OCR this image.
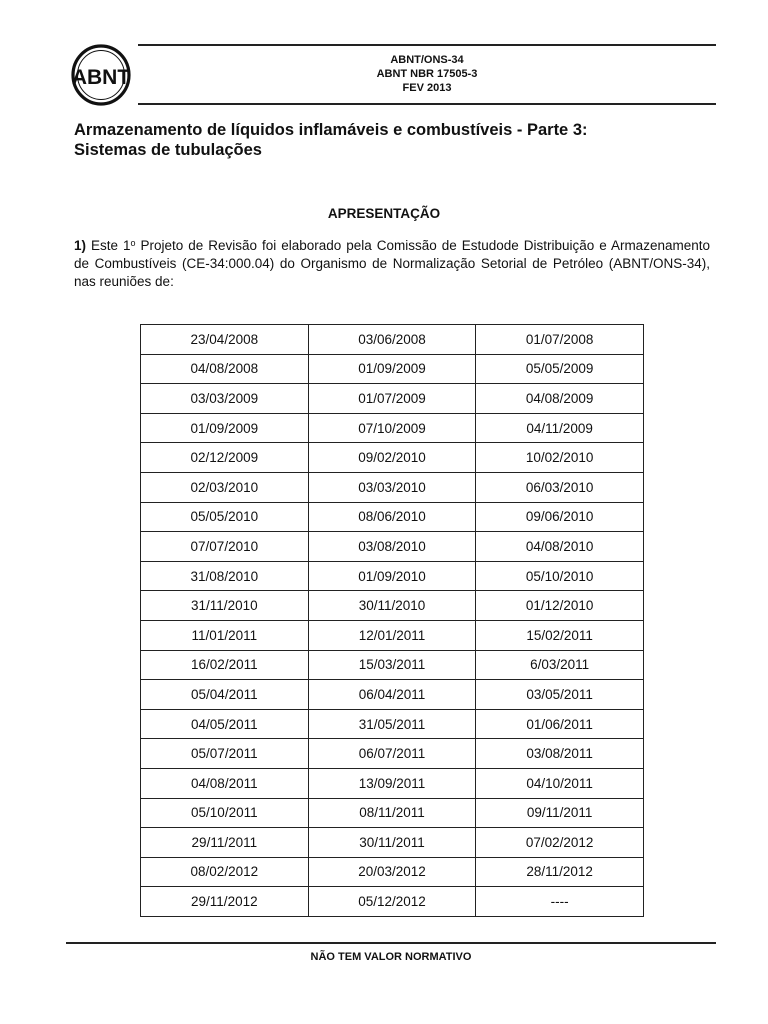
ABNT
ABNT/ONS-34
ABNT NBR 17505-3
FEV 2013
Armazenamento de líquidos inflamáveis e combustíveis - Parte 3:
Sistemas de tubulações
APRESENTAÇÃO
1) Este 1$^o$ Projeto de Revisão foi elaborado pela Comissão de Estudode Distribuição e Armazenamento de Combustíveis (CE-34:000.04) do Organismo de Normalização Setorial de Petróleo (ABNT/ONS-34), nas reuniões de:
23/04/2008	03/06/2008	01/07/2008
04/08/2008	01/09/2009	05/05/2009
03/03/2009	01/07/2009	04/08/2009
01/09/2009	07/10/2009	04/11/2009
02/12/2009	09/02/2010	10/02/2010
02/03/2010	03/03/2010	06/03/2010
05/05/2010	08/06/2010	09/06/2010
07/07/2010	03/08/2010	04/08/2010
31/08/2010	01/09/2010	05/10/2010
31/11/2010	30/11/2010	01/12/2010
11/01/2011	12/01/2011	15/02/2011
16/02/2011	15/03/2011	6/03/2011
05/04/2011	06/04/2011	03/05/2011
04/05/2011	31/05/2011	01/06/2011
05/07/2011	06/07/2011	03/08/2011
04/08/2011	13/09/2011	04/10/2011
05/10/2011	08/11/2011	09/11/2011
29/11/2011	30/11/2011	07/02/2012
08/02/2012	20/03/2012	28/11/2012
29/11/2012	05/12/2012	----
NÃO TEM VALOR NORMATIVO
